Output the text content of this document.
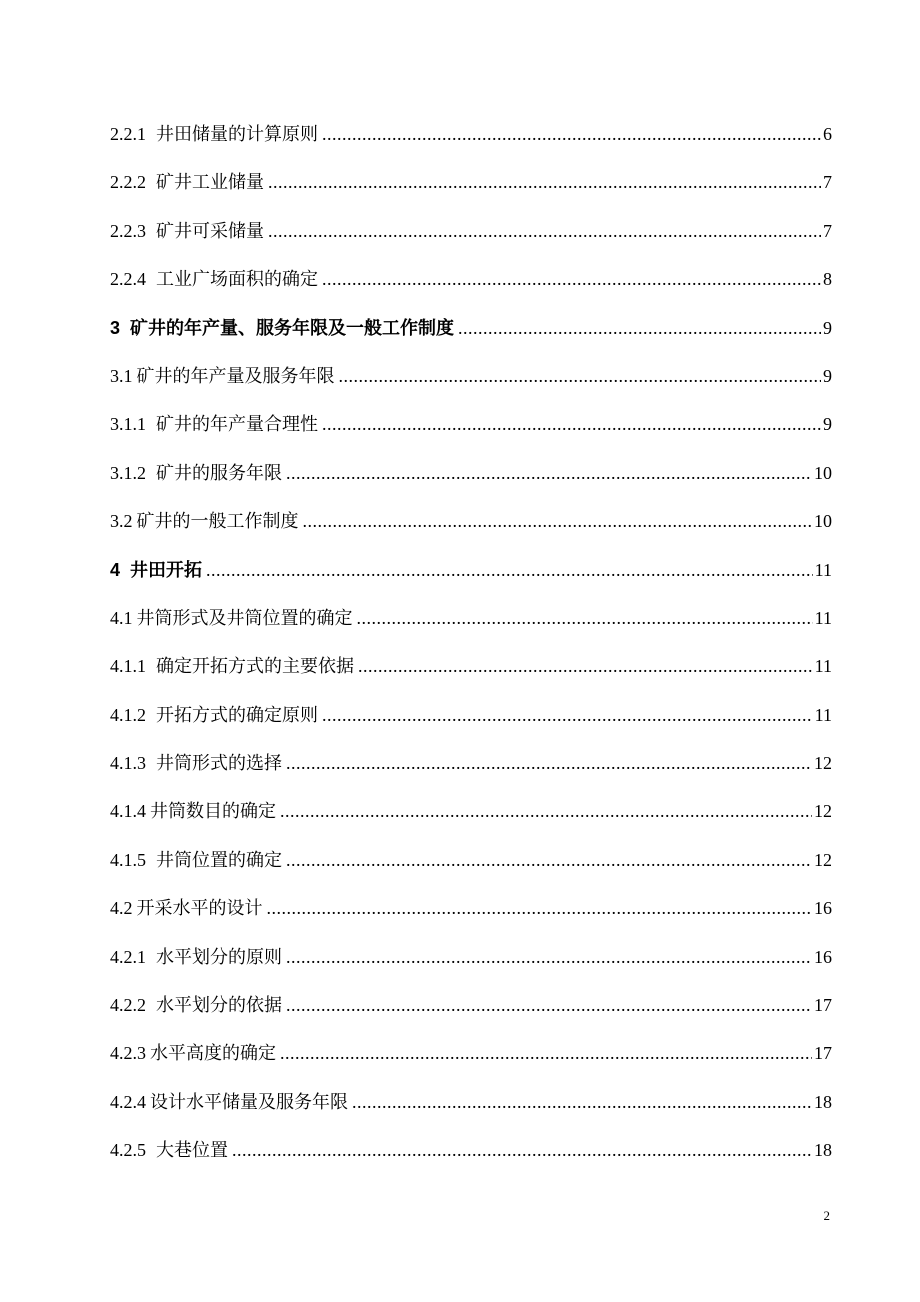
2.2.1 井田储量的计算原则 .....	6
2.2.2 矿井工业储量 .....	7
2.2.3 矿井可采储量 .....	7
2.2.4 工业广场面积的确定 .....	8
3 矿井的年产量、服务年限及一般工作制度 .....	9
3.1 矿井的年产量及服务年限 .....	9
3.1.1 矿井的年产量合理性 .....	9
3.1.2 矿井的服务年限 .....	10
3.2 矿井的一般工作制度 .....	10
4 井田开拓 .....	11
4.1 井筒形式及井筒位置的确定 .....	11
4.1.1 确定开拓方式的主要依据 .....	11
4.1.2 开拓方式的确定原则 .....	11
4.1.3 井筒形式的选择 .....	12
4.1.4 井筒数目的确定 .....	12
4.1.5 井筒位置的确定 .....	12
4.2 开采水平的设计 .....	16
4.2.1 水平划分的原则 .....	16
4.2.2 水平划分的依据 .....	17
4.2.3 水平高度的确定 .....	17
4.2.4 设计水平储量及服务年限 .....	18
4.2.5 大巷位置 .....	18
2
